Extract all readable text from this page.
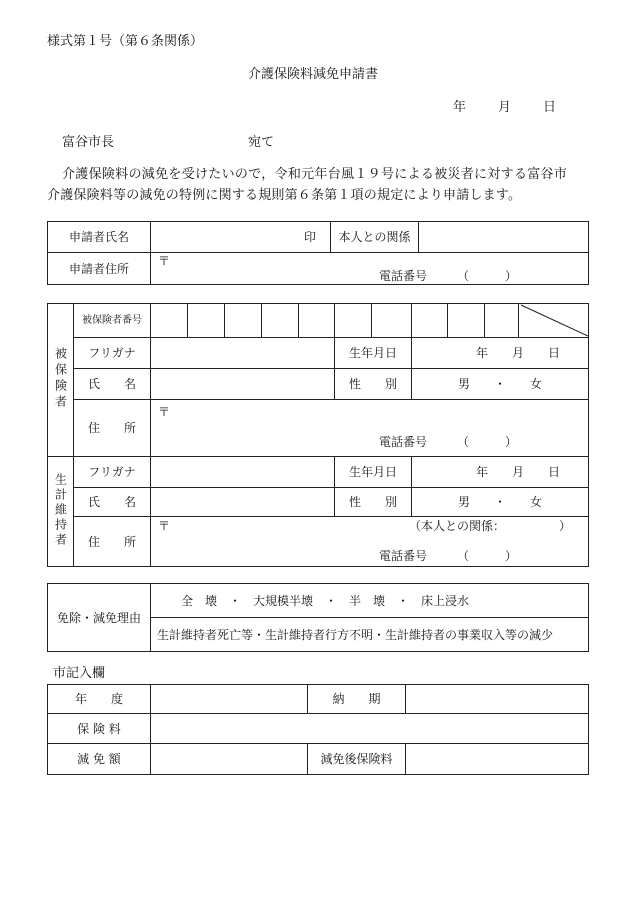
様式第１号（第６条関係）
介護保険料減免申請書
年　　月　　日
富谷市長	宛て
介護保険料の減免を受けたいので，令和元年台風１９号による被災者に対する富谷市
介護保険料等の減免の特例に関する規則第６条第１項の規定により申請します。
申請者氏名	印	本人との関係	
申請者住所	〒
電話番号　　　（　　　）		
被保険者	被保険者番号											

	フリガナ						生年月日		年　　月　　日			
	氏　　名						性　　別		男　　・　　女			
	住　　所	〒
電話番号　　　（　　　）										

生計維持者	フリガナ						生年月日		年　　月　　日			
	氏　　名						性　　別		男　　・　　女			
	住　　所	〒 （本人との関係：　　　　　）
電話番号　　　（　　　）										
免除・減免理由	全　壊　・　大規模半壊　・　半　壊　・　床上浸水
生計維持者死亡等・生計維持者行方不明・生計維持者の事業収入等の減少
市記入欄
年　　度		納　　期	
保 険 料			
減 免 額		減免後保険料	
